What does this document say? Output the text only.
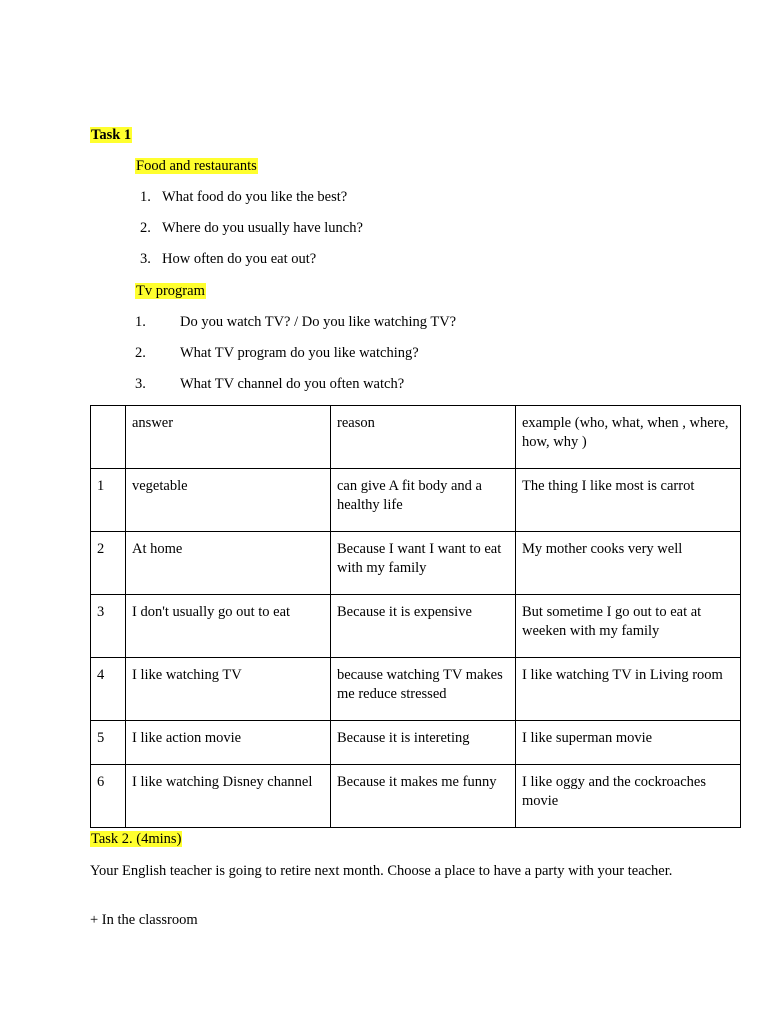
Task 1
Food and restaurants
1. What food do you like the best?
2. Where do you usually have lunch?
3. How often do you eat out?
Tv program
1. Do you watch TV? / Do you like watching TV?
2. What TV program do you like watching?
3. What TV channel do you often watch?
	answer	reason	example (who, what, when , where, how, why )
1	vegetable	can give A fit body and a healthy life	The thing I like most is carrot
2	At home	Because I want I want to eat with my family	My mother cooks very well
3	I don't usually go out to eat	Because it is expensive	But sometime I go out to eat at weeken with my family
4	I like watching TV	because watching TV makes me reduce stressed	I like watching TV in Living room
5	I like action movie	Because it is intereting	I like superman movie
6	I like watching Disney channel	Because it makes me funny	I like oggy and the cockroaches movie
Task 2. (4mins)
Your English teacher is going to retire next month. Choose a place to have a party with your teacher.
+ In the classroom
